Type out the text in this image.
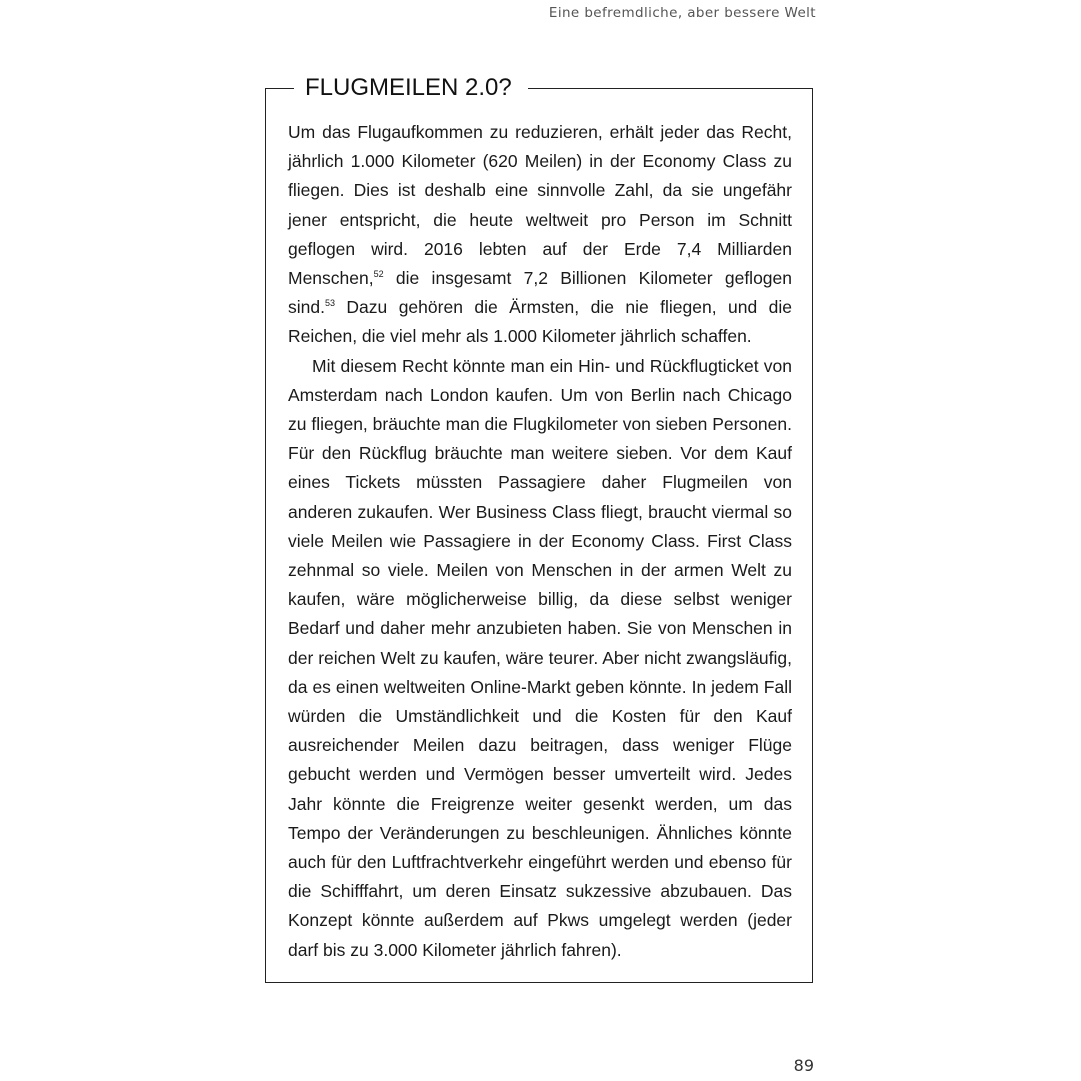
Eine befremdliche, aber bessere Welt
FLUGMEILEN 2.0?

Um das Flugaufkommen zu reduzieren, erhält jeder das Recht, jährlich 1.000 Kilometer (620 Meilen) in der Economy Class zu fliegen. Dies ist deshalb eine sinnvolle Zahl, da sie ungefähr jener entspricht, die heute weltweit pro Person im Schnitt geflogen wird. 2016 lebten auf der Erde 7,4 Milliarden Menschen,$^{52}$ die insgesamt 7,2 Billionen Kilometer geflogen sind.$^{53}$ Dazu gehören die Ärmsten, die nie fliegen, und die Reichen, die viel mehr als 1.000 Kilometer jährlich schaffen.

Mit diesem Recht könnte man ein Hin- und Rückflugticket von Amsterdam nach London kaufen. Um von Berlin nach Chicago zu fliegen, bräuchte man die Flugkilometer von sieben Personen. Für den Rückflug bräuchte man weitere sieben. Vor dem Kauf eines Tickets müssten Passagiere daher Flugmeilen von anderen zukaufen. Wer Business Class fliegt, braucht viermal so viele Meilen wie Passagiere in der Economy Class. First Class zehnmal so viele. Meilen von Menschen in der armen Welt zu kaufen, wäre möglicherweise billig, da diese selbst weniger Bedarf und daher mehr anzubieten haben. Sie von Menschen in der reichen Welt zu kaufen, wäre teurer. Aber nicht zwangsläufig, da es einen weltweiten Online-Markt geben könnte. In jedem Fall würden die Umständlichkeit und die Kosten für den Kauf ausreichender Meilen dazu beitragen, dass weniger Flüge gebucht werden und Vermögen besser umverteilt wird. Jedes Jahr könnte die Freigrenze weiter gesenkt werden, um das Tempo der Veränderungen zu beschleunigen. Ähnliches könnte auch für den Luftfrachtverkehr eingeführt werden und ebenso für die Schifffahrt, um deren Einsatz sukzessive abzubauen. Das Konzept könnte außerdem auf Pkws umgelegt werden (jeder darf bis zu 3.000 Kilometer jährlich fahren).

89
